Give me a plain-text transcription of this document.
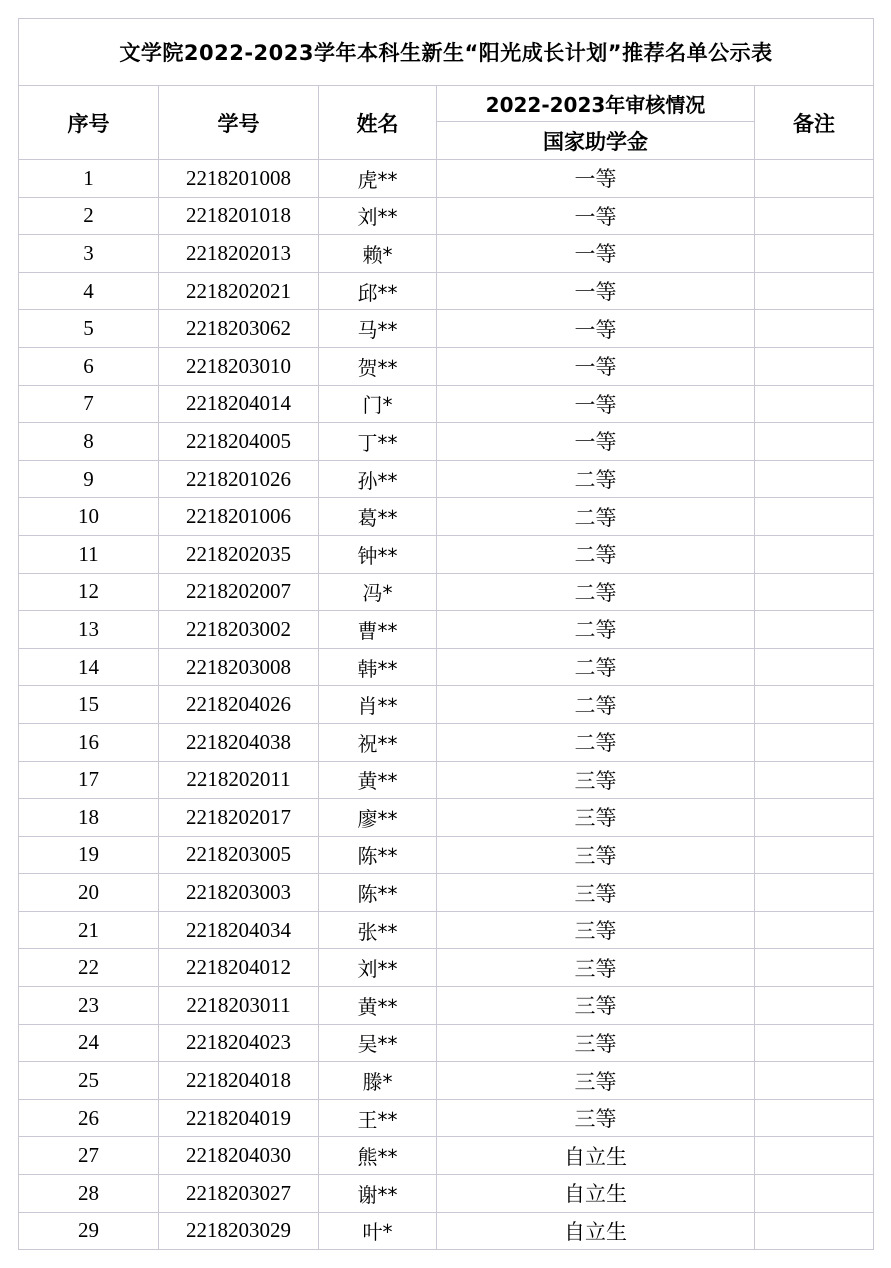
文学院2022-2023学年本科生新生“阳光成长计划”推荐名单公示表				
序号	学号	姓名	2022-2023年审核情况	备注
			国家助学金	
1	2218201008	虎**	一等	
2	2218201018	刘**	一等	
3	2218202013	赖*	一等	
4	2218202021	邱**	一等	
5	2218203062	马**	一等	
6	2218203010	贺**	一等	
7	2218204014	门*	一等	
8	2218204005	丁**	一等	
9	2218201026	孙**	二等	
10	2218201006	葛**	二等	
11	2218202035	钟**	二等	
12	2218202007	冯*	二等	
13	2218203002	曹**	二等	
14	2218203008	韩**	二等	
15	2218204026	肖**	二等	
16	2218204038	祝**	二等	
17	2218202011	黄**	三等	
18	2218202017	廖**	三等	
19	2218203005	陈**	三等	
20	2218203003	陈**	三等	
21	2218204034	张**	三等	
22	2218204012	刘**	三等	
23	2218203011	黄**	三等	
24	2218204023	吴**	三等	
25	2218204018	滕*	三等	
26	2218204019	王**	三等	
27	2218204030	熊**	自立生	
28	2218203027	谢**	自立生	
29	2218203029	叶*	自立生	
